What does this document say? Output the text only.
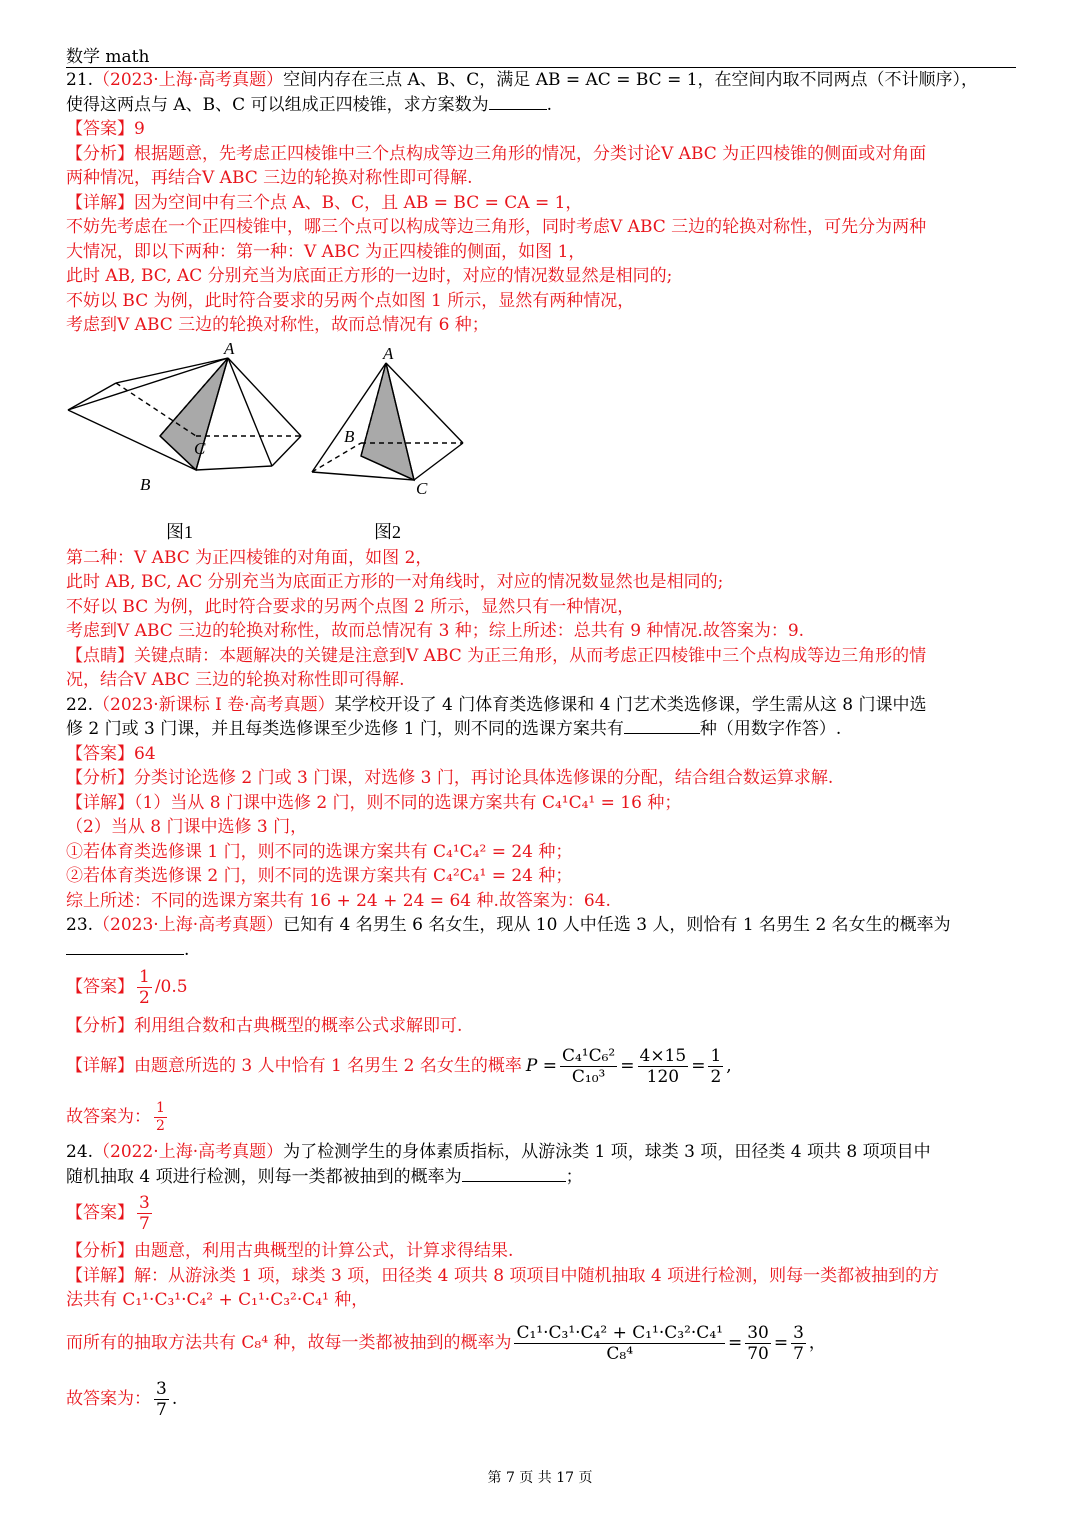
数学 math
21.（2023·上海·高考真题）空间内存在三点 A、B、C，满足 AB = AC = BC = 1，在空间内取不同两点（不计顺序），
使得这两点与 A、B、C 可以组成正四棱锥，求方案数为	.
【答案】9
【分析】根据题意，先考虑正四棱锥中三个点构成等边三角形的情况，分类讨论V ABC 为正四棱锥的侧面或对角面
两种情况，再结合V ABC 三边的轮换对称性即可得解.
【详解】因为空间中有三个点 A、B、C，且 AB = BC = CA = 1，
不妨先考虑在一个正四棱锥中，哪三个点可以构成等边三角形，同时考虑V ABC 三边的轮换对称性，可先分为两种
大情况，即以下两种：第一种：V ABC 为正四棱锥的侧面，如图 1，
此时 AB, BC, AC 分别充当为底面正方形的一边时，对应的情况数显然是相同的;
不妨以 BC 为例，此时符合要求的另两个点如图 1 所示，显然有两种情况，
考虑到V ABC 三边的轮换对称性，故而总情况有 6 种；
A
B
C
A
B
C
图1	图2
第二种：V ABC 为正四棱锥的对角面，如图 2，
此时 AB, BC, AC 分别充当为底面正方形的一对角线时，对应的情况数显然也是相同的;
不好以 BC 为例，此时符合要求的另两个点图 2 所示，显然只有一种情况，
考虑到V ABC 三边的轮换对称性，故而总情况有 3 种；综上所述：总共有 9 种情况.故答案为：9.
【点睛】关键点睛：本题解决的关键是注意到V ABC 为正三角形，从而考虑正四棱锥中三个点构成等边三角形的情
况，结合V ABC 三边的轮换对称性即可得解.
22.（2023·新课标 I 卷·高考真题）某学校开设了 4 门体育类选修课和 4 门艺术类选修课，学生需从这 8 门课中选
修 2 门或 3 门课，并且每类选修课至少选修 1 门，则不同的选课方案共有	种（用数字作答）.
【答案】64
【分析】分类讨论选修 2 门或 3 门课，对选修 3 门，再讨论具体选修课的分配，结合组合数运算求解.
【详解】（1）当从 8 门课中选修 2 门，则不同的选课方案共有 C₄¹C₄¹ = 16 种；
（2）当从 8 门课中选修 3 门，
①若体育类选修课 1 门，则不同的选课方案共有 C₄¹C₄² = 24 种；
②若体育类选修课 2 门，则不同的选课方案共有 C₄²C₄¹ = 24 种；
综上所述：不同的选课方案共有 16 + 24 + 24 = 64 种.故答案为：64.
23.（2023·上海·高考真题）已知有 4 名男生 6 名女生，现从 10 人中任选 3 人，则恰有 1 名男生 2 名女生的概率为
.
【答案】 $\frac{1}{2} /0.5$
【分析】利用组合数和古典概型的概率公式求解即可.
【详解】由题意所选的 3 人中恰有 1 名男生 2 名女生的概率 $P = \frac{\text{C₄¹C₆²}}{\text{C₁₀³}} = \frac{4\times 15}{120} = \frac{1}{2}$ ,
故答案为： $\frac{1}{2}$
24.（2022·上海·高考真题）为了检测学生的身体素质指标，从游泳类 1 项，球类 3 项，田径类 4 项共 8 项项目中
随机抽取 4 项进行检测，则每一类都被抽到的概率为	；
【答案】 $\frac{3}{7}$
【分析】由题意，利用古典概型的计算公式，计算求得结果.
【详解】解：从游泳类 1 项，球类 3 项，田径类 4 项共 8 项项目中随机抽取 4 项进行检测，则每一类都被抽到的方
法共有 C₁¹·C₃¹·C₄² + C₁¹·C₃²·C₄¹ 种，
而所有的抽取方法共有 C₈⁴ 种，故每一类都被抽到的概率为 $\frac{\text{C₁¹·C₃¹·C₄² + C₁¹·C₃²·C₄¹}}{\text{C₈⁴}} = \frac{30}{70} = \frac{3}{7}$ ，
故答案为： $\frac{3}{7}$ .
第 7 页 共 17 页
